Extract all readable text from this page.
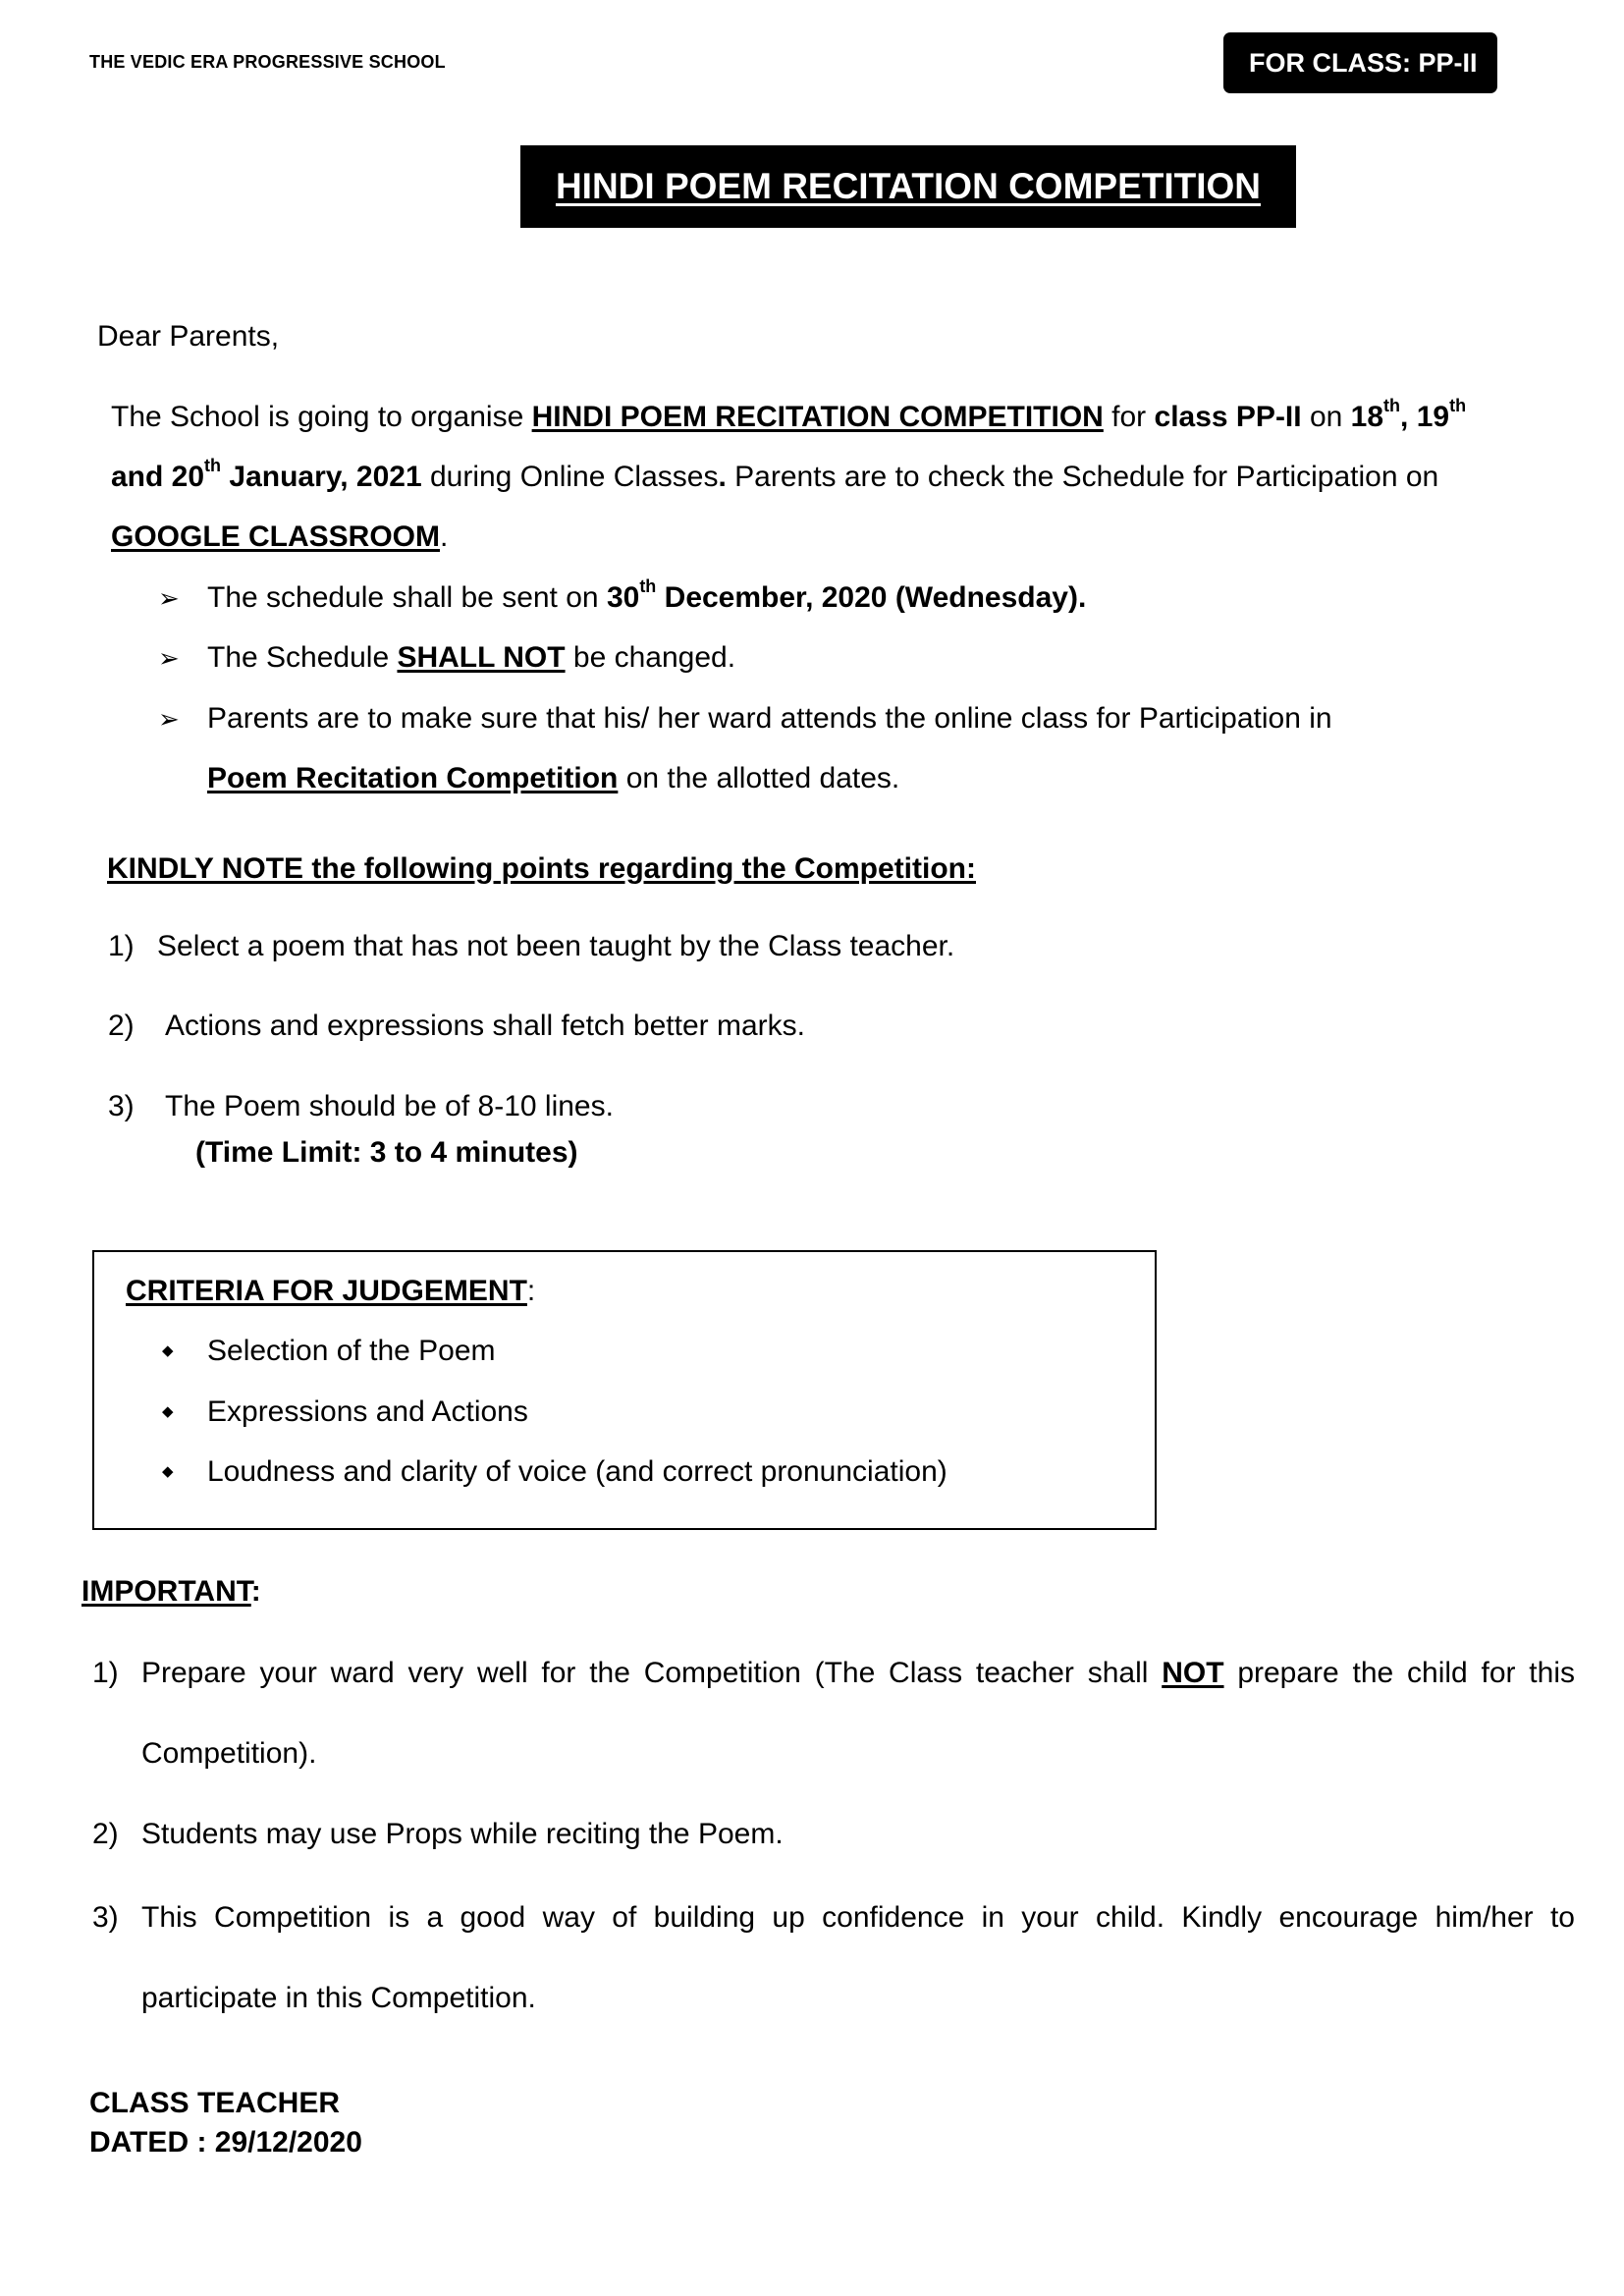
THE VEDIC ERA PROGRESSIVE SCHOOL	FOR CLASS: PP-II
HINDI POEM RECITATION COMPETITION
Dear Parents,
The School is going to organise HINDI POEM RECITATION COMPETITION for class PP-II on 18th, 19th
and 20th January, 2021 during Online Classes. Parents are to check the Schedule for Participation on
GOOGLE CLASSROOM.
➢ The schedule shall be sent on 30th December, 2020 (Wednesday).
➢ The Schedule SHALL NOT be changed.
➢ Parents are to make sure that his/ her ward attends the online class for Participation in
Poem Recitation Competition on the allotted dates.
KINDLY NOTE the following points regarding the Competition:
1) Select a poem that has not been taught by the Class teacher.
2) Actions and expressions shall fetch better marks.
3) The Poem should be of 8-10 lines.
(Time Limit: 3 to 4 minutes)
CRITERIA FOR JUDGEMENT:
◆ Selection of the Poem
◆ Expressions and Actions
◆ Loudness and clarity of voice (and correct pronunciation)
IMPORTANT:
1) Prepare your ward very well for the Competition (The Class teacher shall NOT prepare the child for this
Competition).
2) Students may use Props while reciting the Poem.
3) This Competition is a good way of building up confidence in your child. Kindly encourage him/her to
participate in this Competition.
CLASS TEACHER
DATED : 29/12/2020
